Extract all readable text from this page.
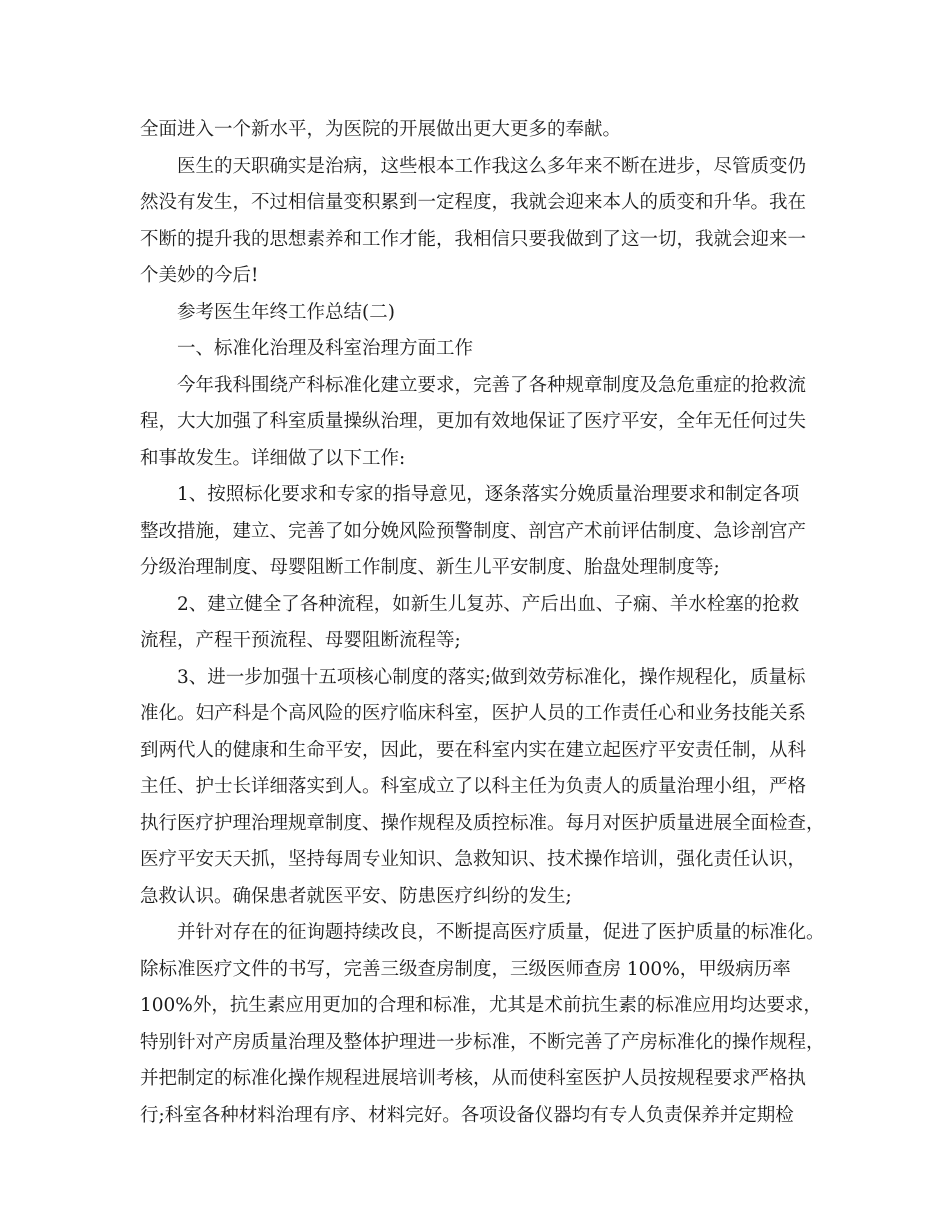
全面进入一个新水平，为医院的开展做出更大更多的奉献。

医生的天职确实是治病，这些根本工作我这么多年来不断在进步，尽管质变仍
然没有发生，不过相信量变积累到一定程度，我就会迎来本人的质变和升华。我在
不断的提升我的思想素养和工作才能，我相信只要我做到了这一切，我就会迎来一
个美妙的今后!

参考医生年终工作总结(二)

一、标准化治理及科室治理方面工作

今年我科围绕产科标准化建立要求，完善了各种规章制度及急危重症的抢救流
程，大大加强了科室质量操纵治理，更加有效地保证了医疗平安，全年无任何过失
和事故发生。详细做了以下工作:

1、按照标化要求和专家的指导意见，逐条落实分娩质量治理要求和制定各项
整改措施，建立、完善了如分娩风险预警制度、剖宫产术前评估制度、急诊剖宫产
分级治理制度、母婴阻断工作制度、新生儿平安制度、胎盘处理制度等;

2、建立健全了各种流程，如新生儿复苏、产后出血、子痫、羊水栓塞的抢救
流程，产程干预流程、母婴阻断流程等;

3、进一步加强十五项核心制度的落实;做到效劳标准化，操作规程化，质量标
准化。妇产科是个高风险的医疗临床科室，医护人员的工作责任心和业务技能关系
到两代人的健康和生命平安，因此，要在科室内实在建立起医疗平安责任制，从科
主任、护士长详细落实到人。科室成立了以科主任为负责人的质量治理小组，严格
执行医疗护理治理规章制度、操作规程及质控标准。每月对医护质量进展全面检查，
医疗平安天天抓，坚持每周专业知识、急救知识、技术操作培训，强化责任认识，
急救认识。确保患者就医平安、防患医疗纠纷的发生;

并针对存在的征询题持续改良，不断提高医疗质量，促进了医护质量的标准化。
除标准医疗文件的书写，完善三级查房制度，三级医师查房 100%，甲级病历率
100%外，抗生素应用更加的合理和标准，尤其是术前抗生素的标准应用均达要求，
特别针对产房质量治理及整体护理进一步标准，不断完善了产房标准化的操作规程，
并把制定的标准化操作规程进展培训考核，从而使科室医护人员按规程要求严格执
行;科室各种材料治理有序、材料完好。各项设备仪器均有专人负责保养并定期检
